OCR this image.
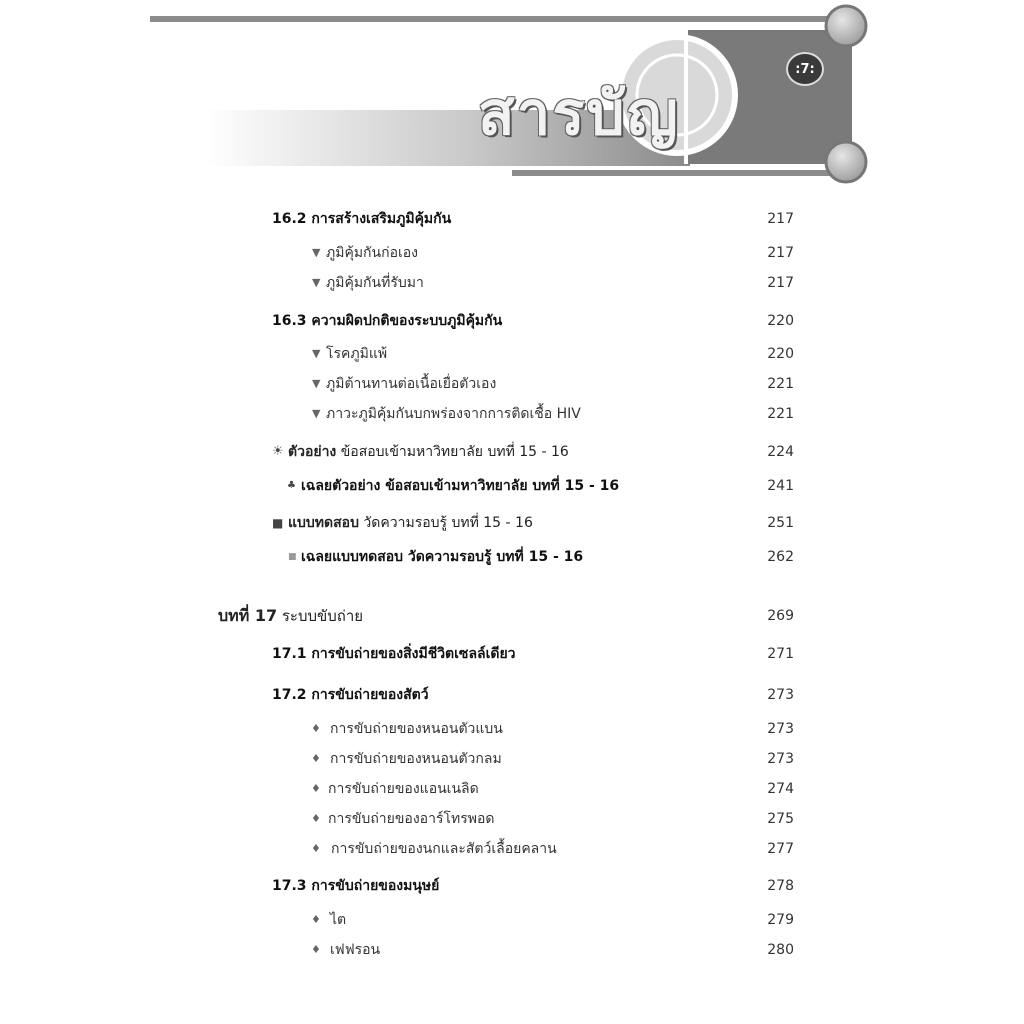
สารบัญ
:7:
16.2 การสร้างเสริมภูมิคุ้มกัน	217
▼ ภูมิคุ้มกันก่อเอง	217
▼ ภูมิคุ้มกันที่รับมา	217
16.3 ความผิดปกติของระบบภูมิคุ้มกัน	220
▼ โรคภูมิแพ้	220
▼ ภูมิต้านทานต่อเนื้อเยื่อตัวเอง	221
▼ ภาวะภูมิคุ้มกันบกพร่องจากการติดเชื้อ HIV	221
☀ ตัวอย่าง ข้อสอบเข้ามหาวิทยาลัย บทที่ 15 - 16	224
♣ เฉลยตัวอย่าง ข้อสอบเข้ามหาวิทยาลัย บทที่ 15 - 16	241
■ แบบทดสอบ วัดความรอบรู้ บทที่ 15 - 16	251
■ เฉลยแบบทดสอบ วัดความรอบรู้ บทที่ 15 - 16	262
บทที่ 17 ระบบขับถ่าย	269
17.1 การขับถ่ายของสิ่งมีชีวิตเซลล์เดียว	271
17.2 การขับถ่ายของสัตว์	273
♦ การขับถ่ายของหนอนตัวแบน	273
♦ การขับถ่ายของหนอนตัวกลม	273
♦ การขับถ่ายของแอนเนลิด	274
♦ การขับถ่ายของอาร์โทรพอด	275
♦ การขับถ่ายของนกและสัตว์เลื้อยคลาน	277
17.3 การขับถ่ายของมนุษย์	278
♦ ไต	279
♦ เฟฟรอน	280
